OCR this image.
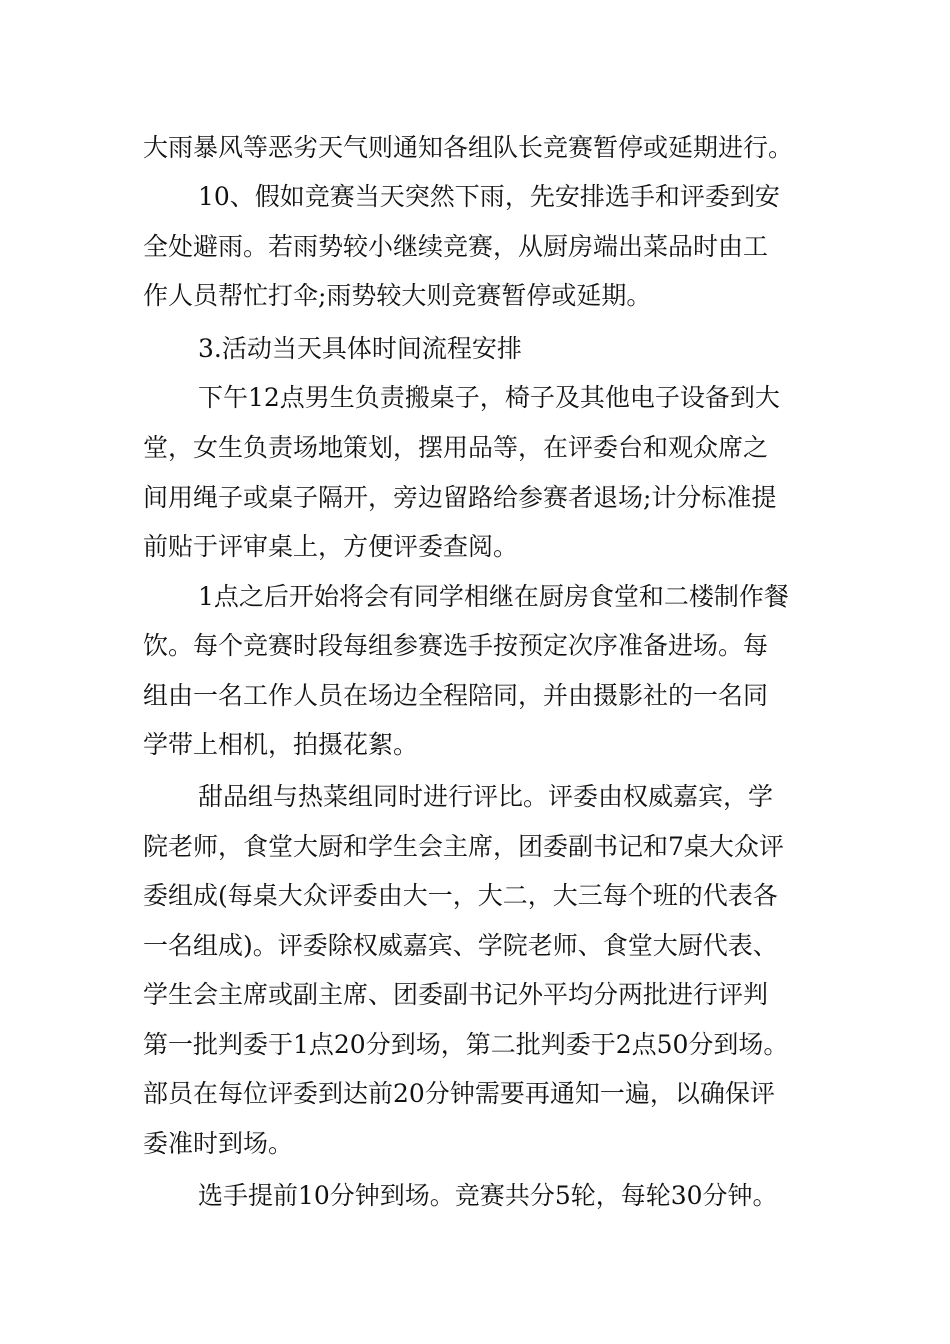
大雨暴风等恶劣天气则通知各组队长竞赛暂停或延期进行。
10、假如竞赛当天突然下雨，先安排选手和评委到安
全处避雨。若雨势较小继续竞赛，从厨房端出菜品时由工
作人员帮忙打伞;雨势较大则竞赛暂停或延期。
3.活动当天具体时间流程安排
下午12点男生负责搬桌子，椅子及其他电子设备到大
堂，女生负责场地策划，摆用品等，在评委台和观众席之
间用绳子或桌子隔开，旁边留路给参赛者退场;计分标准提
前贴于评审桌上，方便评委查阅。
1点之后开始将会有同学相继在厨房食堂和二楼制作餐
饮。每个竞赛时段每组参赛选手按预定次序准备进场。每
组由一名工作人员在场边全程陪同，并由摄影社的一名同
学带上相机，拍摄花絮。
甜品组与热菜组同时进行评比。评委由权威嘉宾，学
院老师，食堂大厨和学生会主席，团委副书记和7桌大众评
委组成(每桌大众评委由大一，大二，大三每个班的代表各
一名组成)。评委除权威嘉宾、学院老师、食堂大厨代表、
学生会主席或副主席、团委副书记外平均分两批进行评判
第一批判委于1点20分到场，第二批判委于2点50分到场。
部员在每位评委到达前20分钟需要再通知一遍，以确保评
委准时到场。
选手提前10分钟到场。竞赛共分5轮，每轮30分钟。
